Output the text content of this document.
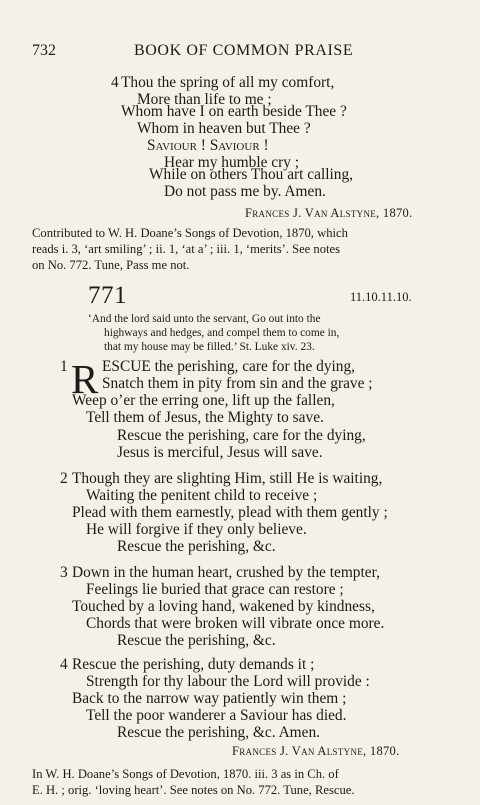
732	BOOK OF COMMON PRAISE
4 Thou the spring of all my comfort,
More than life to me ;
Whom have I on earth beside Thee ?
Whom in heaven but Thee ?
Saviour ! Saviour !
Hear my humble cry ;
While on others Thou art calling,
Do not pass me by. Amen.
Frances J. Van Alstyne, 1870.
Contributed to W. H. Doane’s Songs of Devotion, 1870, which
reads i. 3, ‘art smiling’ ; ii. 1, ‘at a’ ; iii. 1, ‘merits’. See notes
on No. 772. Tune, Pass me not.
771	11.10.11.10.
‘And the lord said unto the servant, Go out into the
highways and hedges, and compel them to come in,
that my house may be filled.’ St. Luke xiv. 23.
1 R ESCUE the perishing, care for the dying,
Snatch them in pity from sin and the grave ;
Weep o’er the erring one, lift up the fallen,
Tell them of Jesus, the Mighty to save.
Rescue the perishing, care for the dying,
Jesus is merciful, Jesus will save.
2 Though they are slighting Him, still He is waiting,
Waiting the penitent child to receive ;
Plead with them earnestly, plead with them gently ;
He will forgive if they only believe.
Rescue the perishing, &c.
3 Down in the human heart, crushed by the tempter,
Feelings lie buried that grace can restore ;
Touched by a loving hand, wakened by kindness,
Chords that were broken will vibrate once more.
Rescue the perishing, &c.
4 Rescue the perishing, duty demands it ;
Strength for thy labour the Lord will provide :
Back to the narrow way patiently win them ;
Tell the poor wanderer a Saviour has died.
Rescue the perishing, &c. Amen.
Frances J. Van Alstyne, 1870.
In W. H. Doane’s Songs of Devotion, 1870. iii. 3 as in Ch. of
E. H. ; orig. ‘loving heart’. See notes on No. 772. Tune, Rescue.
